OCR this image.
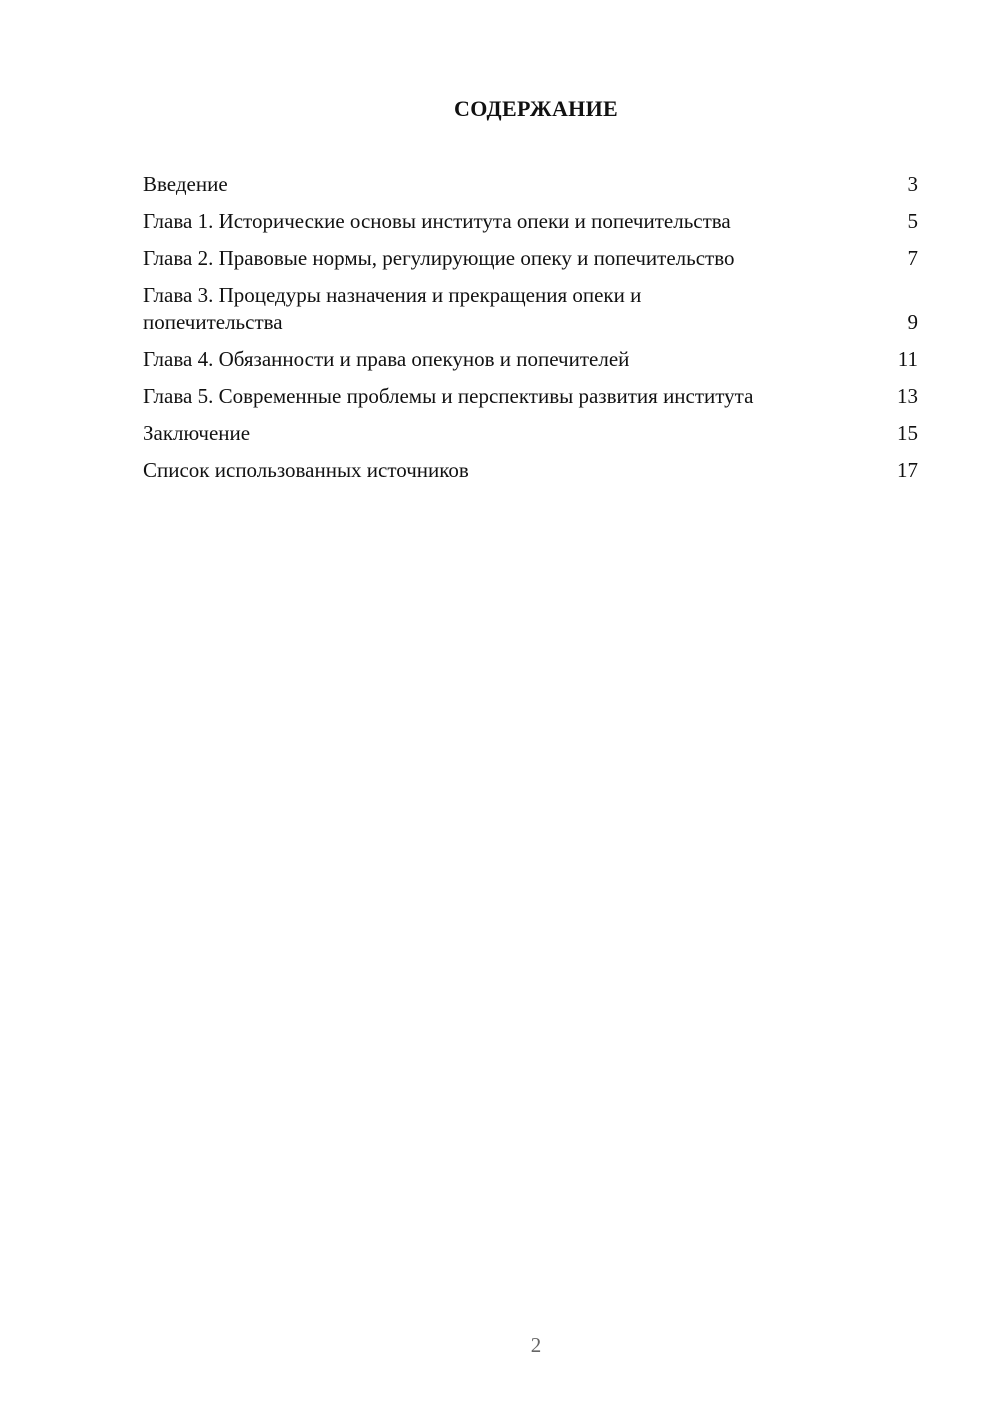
СОДЕРЖАНИЕ
Введение	3
Глава 1. Исторические основы института опеки и попечительства	5
Глава 2. Правовые нормы, регулирующие опеку и попечительство	7
Глава 3. Процедуры назначения и прекращения опеки и попечительства	9
Глава 4. Обязанности и права опекунов и попечителей	11
Глава 5. Современные проблемы и перспективы развития института	13
Заключение	15
Список использованных источников	17
2
